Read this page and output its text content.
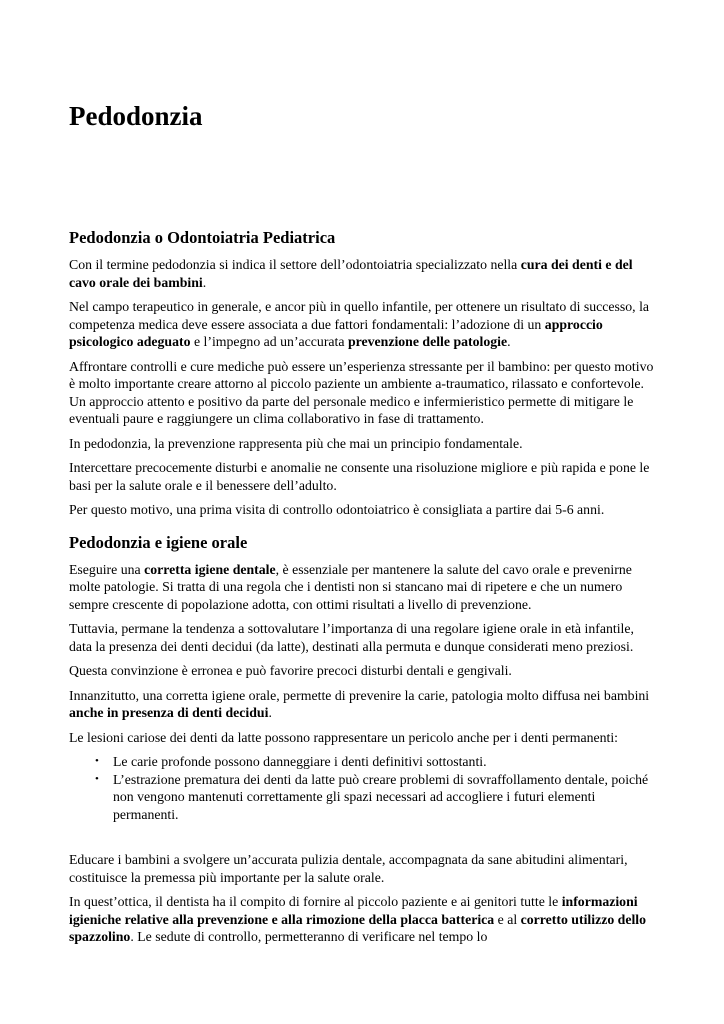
Pedodonzia
Pedodonzia o Odontoiatria Pediatrica

Con il termine pedodonzia si indica il settore dell’odontoiatria specializzato nella cura dei denti e del cavo orale dei bambini.

Nel campo terapeutico in generale, e ancor più in quello infantile, per ottenere un risultato di successo, la competenza medica deve essere associata a due fattori fondamentali: l’adozione di un approccio psicologico adeguato e l’impegno ad un’accurata prevenzione delle patologie.

Affrontare controlli e cure mediche può essere un’esperienza stressante per il bambino: per questo motivo è molto importante creare attorno al piccolo paziente un ambiente a-traumatico, rilassato e confortevole. Un approccio attento e positivo da parte del personale medico e infermieristico permette di mitigare le eventuali paure e raggiungere un clima collaborativo in fase di trattamento.

In pedodonzia, la prevenzione rappresenta più che mai un principio fondamentale.

Intercettare precocemente disturbi e anomalie ne consente una risoluzione migliore e più rapida e pone le basi per la salute orale e il benessere dell’adulto.

Per questo motivo, una prima visita di controllo odontoiatrico è consigliata a partire dai 5-6 anni.

Pedodonzia e igiene orale

Eseguire una corretta igiene dentale, è essenziale per mantenere la salute del cavo orale e prevenirne molte patologie. Si tratta di una regola che i dentisti non si stancano mai di ripetere e che un numero sempre crescente di popolazione adotta, con ottimi risultati a livello di prevenzione.

Tuttavia, permane la tendenza a sottovalutare l’importanza di una regolare igiene orale in età infantile, data la presenza dei denti decidui (da latte), destinati alla permuta e dunque considerati meno preziosi.

Questa convinzione è erronea e può favorire precoci disturbi dentali e gengivali.

Innanzitutto, una corretta igiene orale, permette di prevenire la carie, patologia molto diffusa nei bambini anche in presenza di denti decidui.

Le lesioni cariose dei denti da latte possono rappresentare un pericolo anche per i denti permanenti:

• Le carie profonde possono danneggiare i denti definitivi sottostanti.
• L’estrazione prematura dei denti da latte può creare problemi di sovraffollamento dentale, poiché non vengono mantenuti correttamente gli spazi necessari ad accogliere i futuri elementi permanenti.

Educare i bambini a svolgere un’accurata pulizia dentale, accompagnata da sane abitudini alimentari, costituisce la premessa più importante per la salute orale.

In quest’ottica, il dentista ha il compito di fornire al piccolo paziente e ai genitori tutte le informazioni igieniche relative alla prevenzione e alla rimozione della placca batterica e al corretto utilizzo dello spazzolino. Le sedute di controllo, permetteranno di verificare nel tempo lo
